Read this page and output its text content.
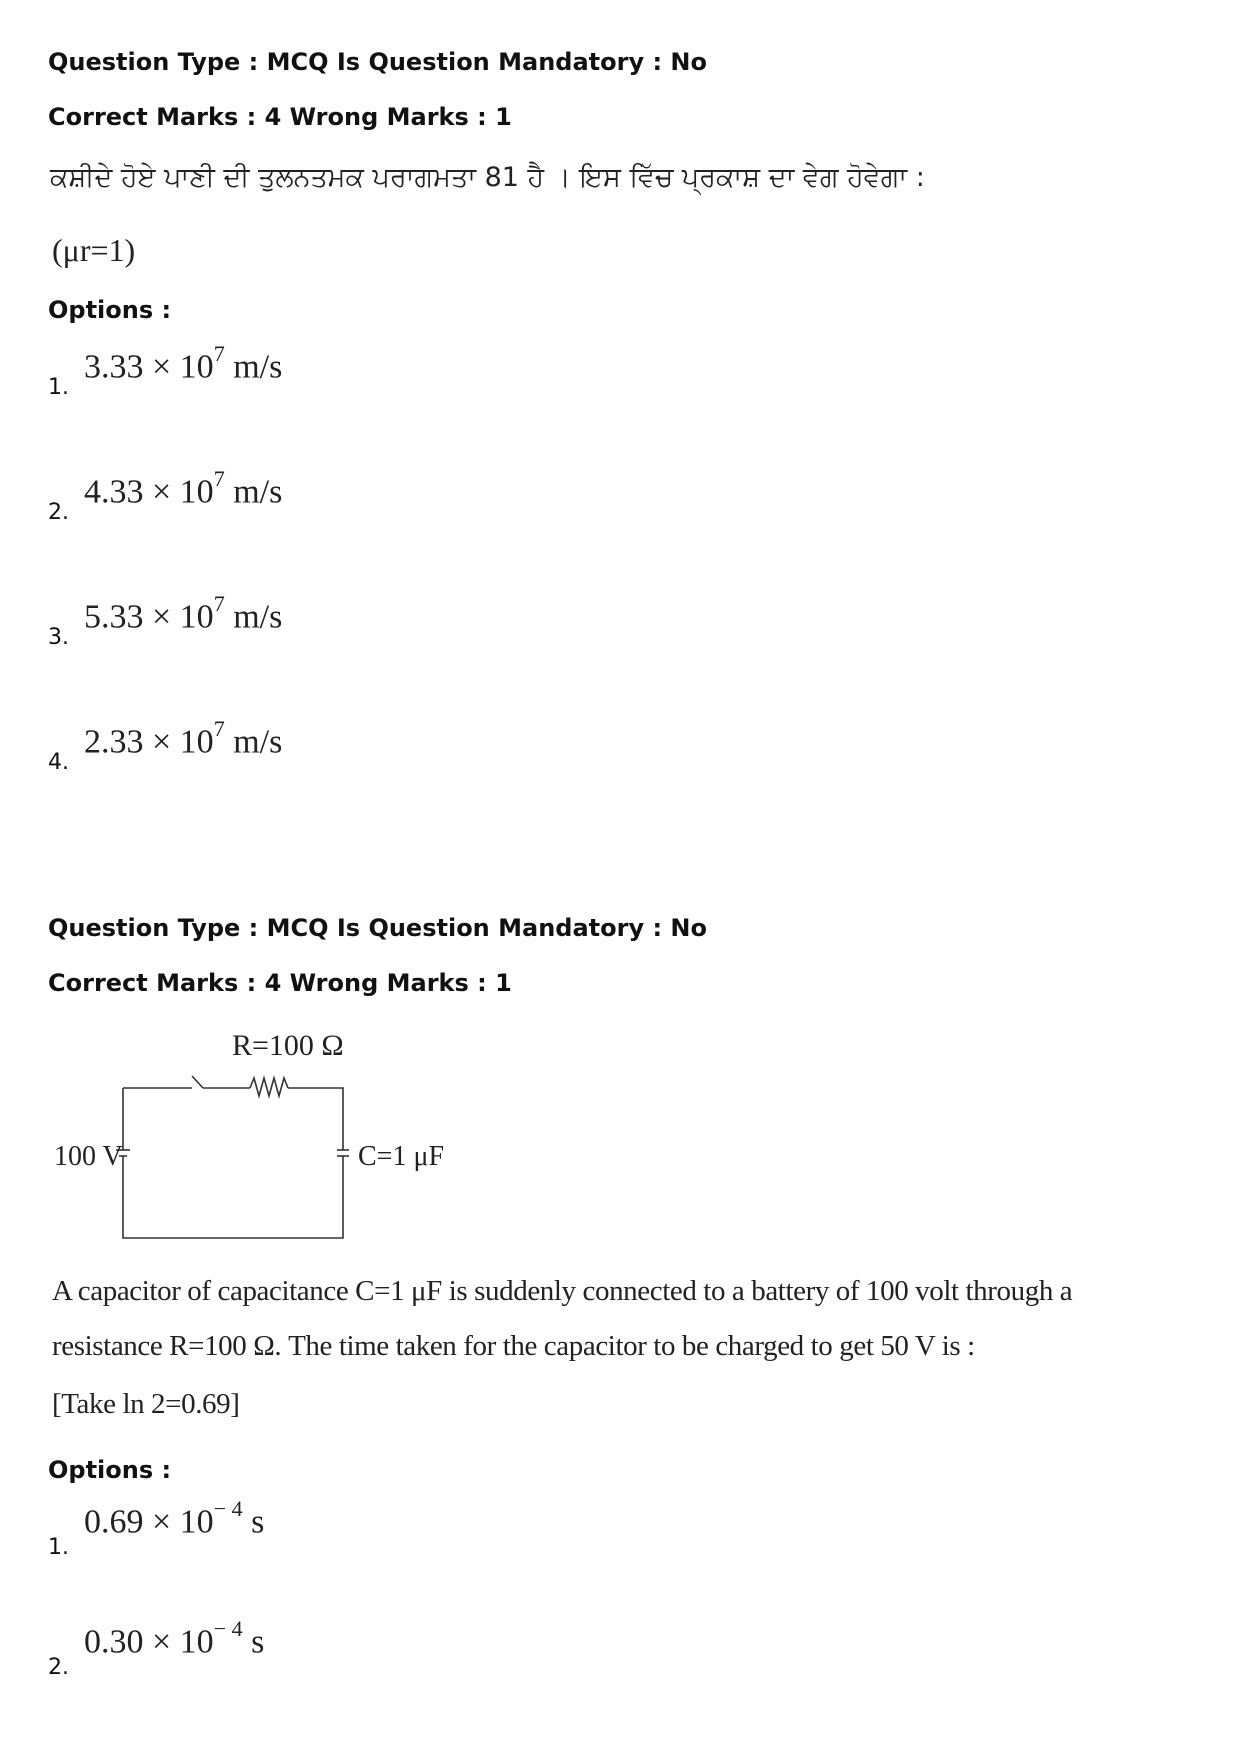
Question Type : MCQ Is Question Mandatory : No
Correct Marks : 4 Wrong Marks : 1
ਕਸ਼ੀਦੇ ਹੋਏ ਪਾਣੀ ਦੀ ਤੁਲਨਤਮਕ ਪਰਾਗਮਤਾ 81 ਹੈ । ਇਸ ਵਿੱਚ ਪ੍ਰਕਾਸ਼ ਦਾ ਵੇਗ ਹੋਵੇਗਾ :
(μr=1)
Options :
1.
$3.33 \times 10^7$ m/s
2.
$4.33 \times 10^7$ m/s
3.
$5.33 \times 10^7$ m/s
4.
$2.33 \times 10^7$ m/s
Question Type : MCQ Is Question Mandatory : No
Correct Marks : 4 Wrong Marks : 1
R=100 Ω
100 V	C=1 μF
A capacitor of capacitance C=1 μF is suddenly connected to a battery of 100 volt through a
resistance R=100 Ω. The time taken for the capacitor to be charged to get 50 V is :
[Take ln 2=0.69]
Options :
1.
$0.69 \times 10^{- 4}$ s
2.
$0.30 \times 10^{- 4}$ s
